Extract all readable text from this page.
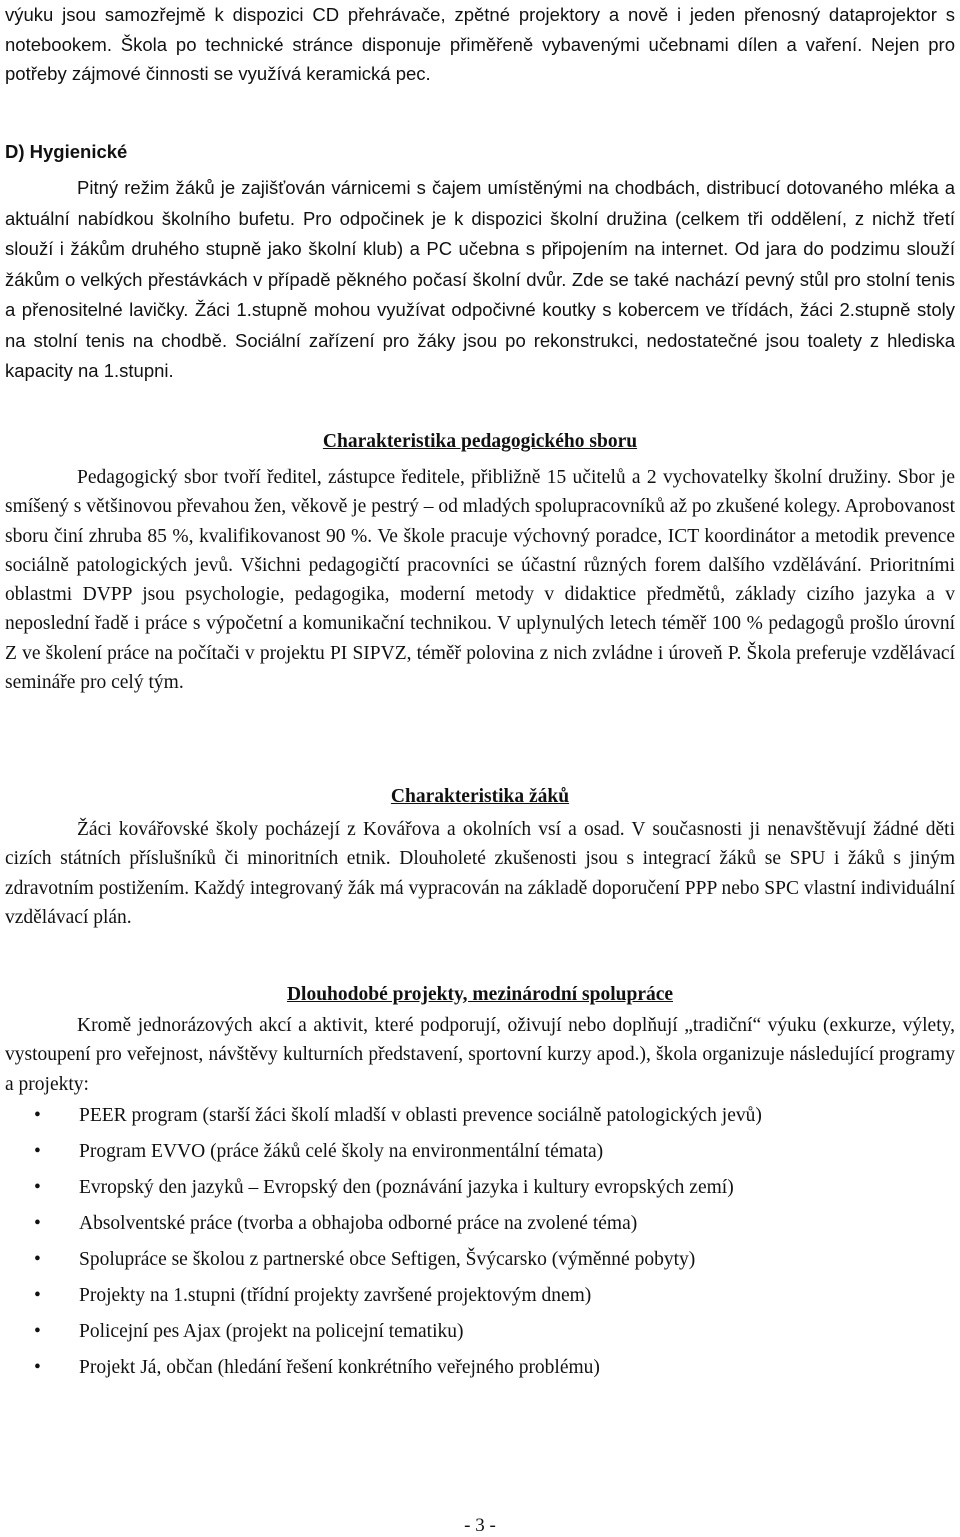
výuku jsou samozřejmě k dispozici CD přehrávače, zpětné projektory a nově i jeden přenosný dataprojektor s notebookem. Škola po technické stránce disponuje přiměřeně vybavenými učebnami dílen a vaření. Nejen pro potřeby zájmové činnosti se využívá keramická pec.
D) Hygienické
Pitný režim žáků je zajišťován várnicemi s čajem umístěnými na chodbách, distribucí dotovaného mléka a aktuální nabídkou školního bufetu. Pro odpočinek je k dispozici školní družina (celkem tři oddělení, z nichž třetí slouží i žákům druhého stupně jako školní klub) a PC učebna s připojením na internet. Od jara do podzimu slouží žákům o velkých přestávkách v případě pěkného počasí školní dvůr. Zde se také nachází pevný stůl pro stolní tenis a přenositelné lavičky. Žáci 1.stupně mohou využívat odpočivné koutky s kobercem ve třídách, žáci 2.stupně stoly na stolní tenis na chodbě. Sociální zařízení pro žáky jsou po rekonstrukci, nedostatečné jsou toalety z hlediska kapacity na 1.stupni.
Charakteristika pedagogického sboru
Pedagogický sbor tvoří ředitel, zástupce ředitele, přibližně 15 učitelů a 2 vychovatelky školní družiny. Sbor je smíšený s většinovou převahou žen, věkově je pestrý – od mladých spolupracovníků až po zkušené kolegy. Aprobovanost sboru činí zhruba 85 %, kvalifikovanost 90 %. Ve škole pracuje výchovný poradce, ICT koordinátor a metodik prevence sociálně patologických jevů. Všichni pedagogičtí pracovníci se účastní různých forem dalšího vzdělávání. Prioritními oblastmi DVPP jsou psychologie, pedagogika, moderní metody v didaktice předmětů, základy cizího jazyka a v neposlední řadě i práce s výpočetní a komunikační technikou. V uplynulých letech téměř 100 % pedagogů prošlo úrovní Z ve školení práce na počítači v projektu PI SIPVZ, téměř polovina z nich zvládne i úroveň P. Škola preferuje vzdělávací semináře pro celý tým.
Charakteristika žáků
Žáci kovářovské školy pocházejí z Kovářova a okolních vsí a osad. V současnosti ji nenavštěvují žádné děti cizích státních příslušníků či minoritních etnik. Dlouholeté zkušenosti jsou s integrací žáků se SPU i žáků s jiným zdravotním postižením. Každý integrovaný žák má vypracován na základě doporučení PPP nebo SPC vlastní individuální vzdělávací plán.
Dlouhodobé projekty, mezinárodní spolupráce
Kromě jednorázových akcí a aktivit, které podporují, oživují nebo doplňují „tradiční“ výuku (exkurze, výlety, vystoupení pro veřejnost, návštěvy kulturních představení, sportovní kurzy apod.), škola organizuje následující programy a projekty:
• PEER program (starší žáci školí mladší v oblasti prevence sociálně patologických jevů)
• Program EVVO (práce žáků celé školy na environmentální témata)
• Evropský den jazyků – Evropský den (poznávání jazyka i kultury evropských zemí)
• Absolventské práce (tvorba a obhajoba odborné práce na zvolené téma)
• Spolupráce se školou z partnerské obce Seftigen, Švýcarsko (výměnné pobyty)
• Projekty na 1.stupni (třídní projekty završené projektovým dnem)
• Policejní pes Ajax (projekt na policejní tematiku)
• Projekt Já, občan (hledání řešení konkrétního veřejného problému)
- 3 -
